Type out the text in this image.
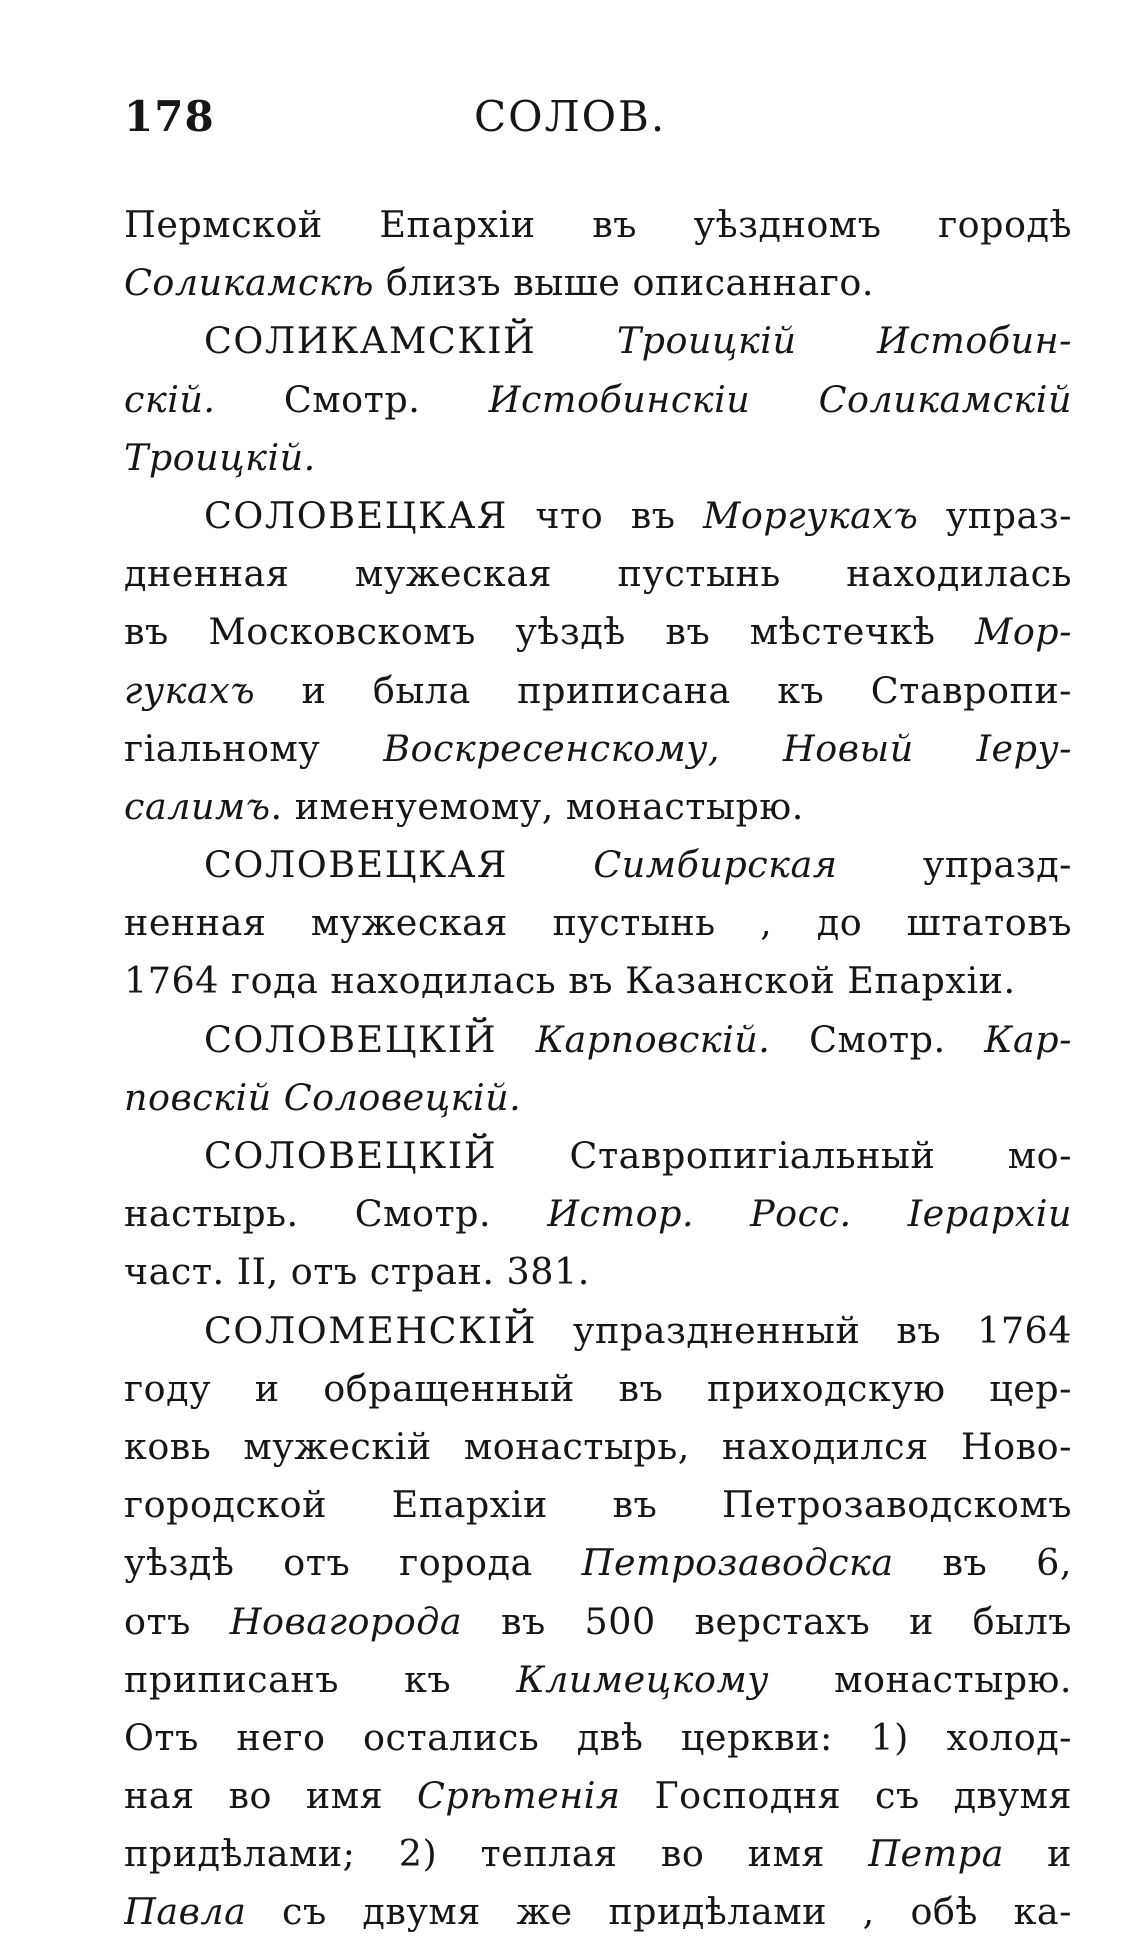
178	СОЛОВ.
Пермской Епархіи въ уѣздномъ городѣ
Соликамскѣ близъ выше описаннаго.
СОЛИКАМСКІЙ Троицкій Истобин-
скій. Смотр. Истобинскіи Соликамскій
Троицкій.
СОЛОВЕЦКАЯ что въ Моргукахъ упраз-
дненная мужеская пустынь находилась
въ Московскомъ уѣздѣ въ мѣстечкѣ Мор-
гукахъ и была приписана къ Ставропи-
гіальному Воскресенскому, Новый Іеру-
салимъ. именуемому, монастырю.
СОЛОВЕЦКАЯ Симбирская упразд-
ненная мужеская пустынь , до штатовъ
1764 года находилась въ Казанской Епархіи.
СОЛОВЕЦКІЙ Карповскій. Смотр. Кар-
повскій Соловецкій.
СОЛОВЕЦКІЙ Ставропигіальный мо-
настырь. Смотр. Истор. Росс. Іерархіи
част. II, отъ стран. 381.
СОЛОМЕНСКІЙ упраздненный въ 1764
году и обращенный въ приходскую цер-
ковь мужескій монастырь, находился Ново-
городской Епархіи въ Петрозаводскомъ
уѣздѣ отъ города Петрозаводска въ 6,
отъ Новагорода въ 500 верстахъ и былъ
приписанъ къ Климецкому монастырю.
Отъ него остались двѣ церкви: 1) холод-
ная во имя Срѣтенія Господня съ двумя
придѣлами; 2) теплая во имя Петра и
Павла съ двумя же придѣлами , обѣ ка-
